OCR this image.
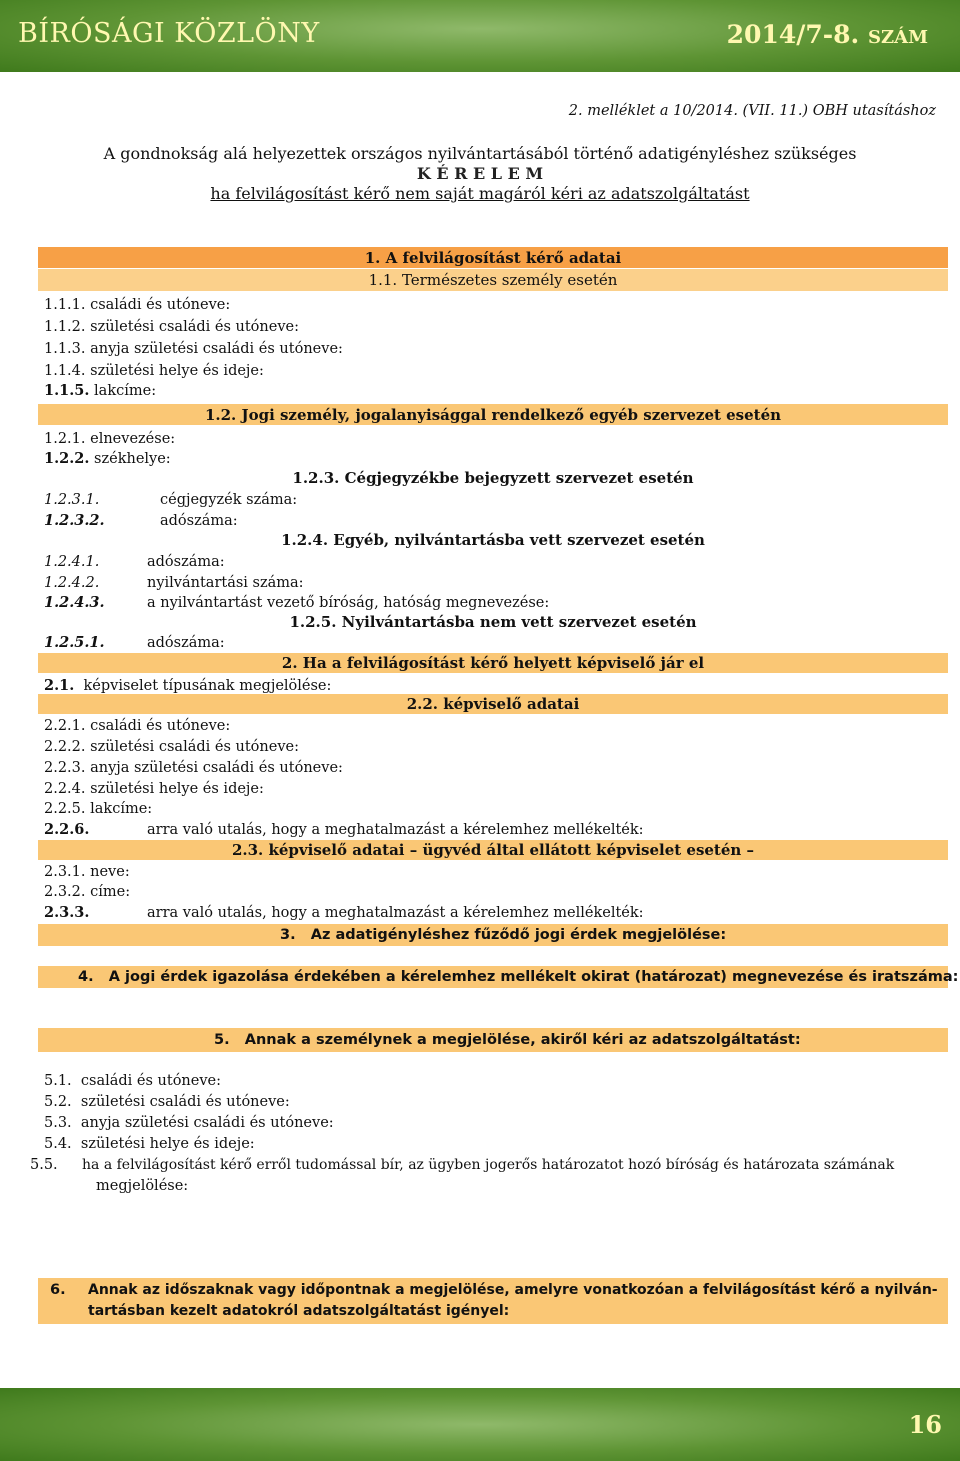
BÍRÓSÁGI KÖZLÖNY	2014/7-8. SZÁM
2. melléklet a 10/2014. (VII. 11.) OBH utasításhoz
A gondnokság alá helyezettek országos nyilvántartásából történő adatigényléshez szükséges
K É R E L E M
ha felvilágosítást kérő nem saját magáról kéri az adatszolgáltatást
1. A felvilágosítást kérő adatai
1.1. Természetes személy esetén
1.1.1. családi és utóneve:
1.1.2. születési családi és utóneve:
1.1.3. anyja születési családi és utóneve:
1.1.4. születési helye és ideje:
1.1.5. lakcíme:
1.2. Jogi személy, jogalanyisággal rendelkező egyéb szervezet esetén
1.2.1. elnevezése:
1.2.2. székhelye:
1.2.3. Cégjegyzékbe bejegyzett szervezet esetén
1.2.3.1.	cégjegyzék száma:
1.2.3.2.	adószáma:
1.2.4. Egyéb, nyilvántartásba vett szervezet esetén
1.2.4.1.	adószáma:
1.2.4.2.	nyilvántartási száma:
1.2.4.3.	a nyilvántartást vezető bíróság, hatóság megnevezése:
1.2.5. Nyilvántartásba nem vett szervezet esetén
1.2.5.1.	adószáma:
2. Ha a felvilágosítást kérő helyett képviselő jár el
2.1. képviselet típusának megjelölése:
2.2. képviselő adatai
2.2.1. családi és utóneve:
2.2.2. születési családi és utóneve:
2.2.3. anyja születési családi és utóneve:
2.2.4. születési helye és ideje:
2.2.5. lakcíme:
2.2.6.	arra való utalás, hogy a meghatalmazást a kérelemhez mellékelték:
2.3. képviselő adatai – ügyvéd által ellátott képviselet esetén –
2.3.1. neve:
2.3.2. címe:
2.3.3.	arra való utalás, hogy a meghatalmazást a kérelemhez mellékelték:
3. Az adatigényléshez fűződő jogi érdek megjelölése:
4. A jogi érdek igazolása érdekében a kérelemhez mellékelt okirat (határozat) megnevezése és iratszáma:
5. Annak a személynek a megjelölése, akiről kéri az adatszolgáltatást:
5.1. családi és utóneve:
5.2. születési családi és utóneve:
5.3. anyja születési családi és utóneve:
5.4. születési helye és ideje:
5.5. ha a felvilágosítást kérő erről tudomással bír, az ügyben jogerős határozatot hozó bíróság és határozata számának
megjelölése:
6. Annak az időszaknak vagy időpontnak a megjelölése, amelyre vonatkozóan a felvilágosítást kérő a nyilván-
tartásban kezelt adatokról adatszolgáltatást igényel:
16
